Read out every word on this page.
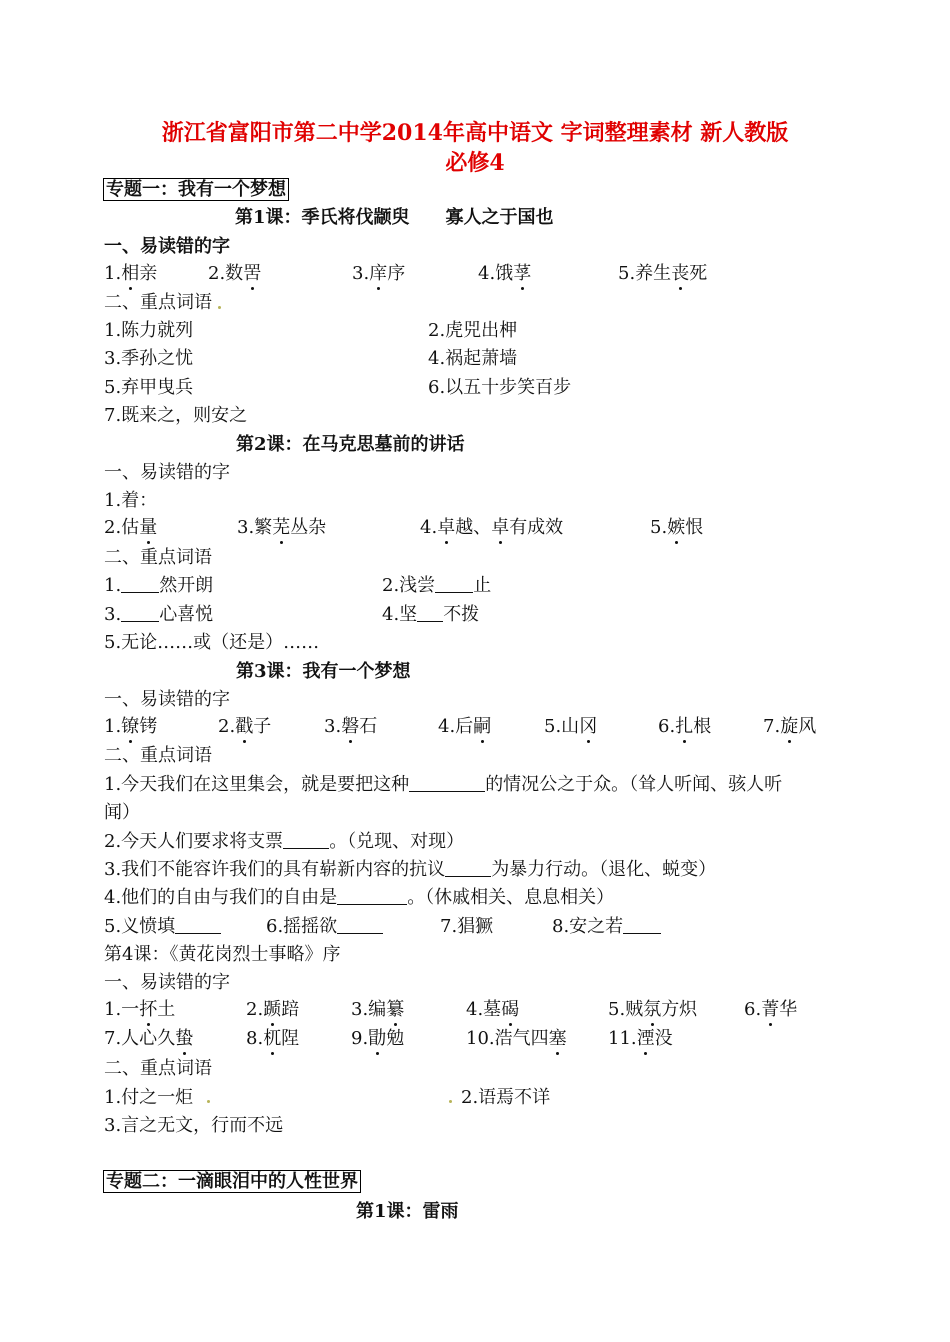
浙江省富阳市第二中学2014年高中语文 字词整理素材 新人教版
必修4
专题一：我有一个梦想
第1课：季氏将伐颛臾　　寡人之于国也
一、易读错的字
1.相亲	2.数罟	3.庠序	4.饿莩	5.养生丧死
二、重点词语
1.陈力就列	2.虎兕出柙
3.季孙之忧	4.祸起萧墙
5.弃甲曳兵	6.以五十步笑百步
7.既来之，则安之
第2课：在马克思墓前的讲话
一、易读错的字
1.着：
2.估量	3.繁芜丛杂	4.卓越、卓有成效	5.嫉恨
二、重点词语
1. 然开朗	2.浅尝 止
3. 心喜悦	4.坚 不拨
5.无论……或（还是）……
第3课：我有一个梦想
一、易读错的字
1.镣铐	2.戳子	3.磐石	4.后嗣	5.山冈	6.扎根	7.旋风
二、重点词语
1.今天我们在这里集会，就是要把这种	的情况公之于众。（耸人听闻、骇人听
闻）
2.今天人们要求将支票	。（兑现、对现）
3.我们不能容许我们的具有崭新内容的抗议	为暴力行动。（退化、蜕变）
4.他们的自由与我们的自由是	。（休戚相关、息息相关）
5.义愤填	6.摇摇欲	7.猖獗	8.安之若
第4课：《黄花岗烈士事略》序
一、易读错的字
1.一抔土	2.踬踣	3.编纂	4.墓碣	5.贼氛方炽	6.菁华
7.人心久蛰	8.杌陧	9.勖勉	10.浩气四塞 11.湮没
二、重点词语
1.付之一炬	2.语焉不详
3.言之无文，行而不远
专题二：一滴眼泪中的人性世界
第1课：雷雨
